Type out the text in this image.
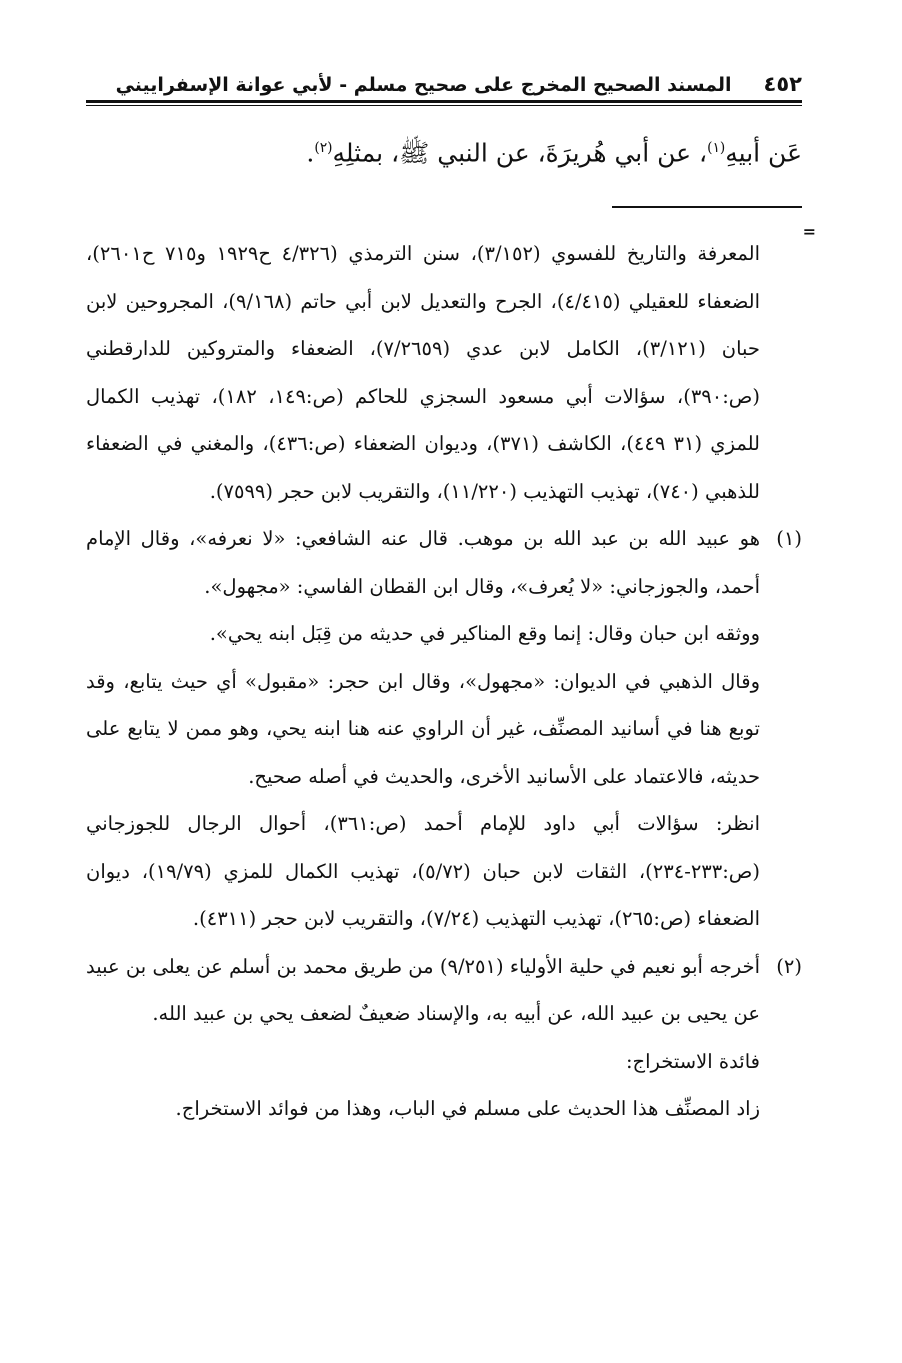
٤٥٢
المسند الصحيح المخرج على صحيح مسلم - لأبي عوانة الإسفراييني
عَن أبيهِ$^{(١)}$، عن أبي هُريرَةَ، عن النبي ﷺ، بمثلِهِ$^{(٢)}$.
=

المعرفة والتاريخ للفسوي (٣/١٥٢)، سنن الترمذي (٤/٣٢٦ ح١٩٢٩ و٧١٥ ح٢٦٠١)، الضعفاء للعقيلي (٤/٤١٥)، الجرح والتعديل لابن أبي حاتم (٩/١٦٨)، المجروحين لابن حبان (٣/١٢١)، الكامل لابن عدي (٧/٢٦٥٩)، الضعفاء والمتروكين للدارقطني (ص:٣٩٠)، سؤالات أبي مسعود السجزي للحاكم (ص:١٤٩، ١٨٢)، تهذيب الكمال للمزي (٣١ ٤٤٩)، الكاشف (٣٧١)، وديوان الضعفاء (ص:٤٣٦)، والمغني في الضعفاء للذهبي (٧٤٠)، تهذيب التهذيب (١١/٢٢٠)، والتقريب لابن حجر (٧٥٩٩).

(١)

هو عبيد الله بن عبد الله بن موهب. قال عنه الشافعي: «لا نعرفه»، وقال الإمام أحمد، والجوزجاني: «لا يُعرف»، وقال ابن القطان الفاسي: «مجهول».

ووثقه ابن حبان وقال: إنما وقع المناكير في حديثه من قِبَل ابنه يحي».

وقال الذهبي في الديوان: «مجهول»، وقال ابن حجر: «مقبول» أي حيث يتابع، وقد توبع هنا في أسانيد المصنِّف، غير أن الراوي عنه هنا ابنه يحي، وهو ممن لا يتابع على حديثه، فالاعتماد على الأسانيد الأخرى، والحديث في أصله صحيح.

انظر: سؤالات أبي داود للإمام أحمد (ص:٣٦١)، أحوال الرجال للجوزجاني (ص:٢٣٣-٢٣٤)، الثقات لابن حبان (٥/٧٢)، تهذيب الكمال للمزي (١٩/٧٩)، ديوان الضعفاء (ص:٢٦٥)، تهذيب التهذيب (٧/٢٤)، والتقريب لابن حجر (٤٣١١).

(٢)

أخرجه أبو نعيم في حلية الأولياء (٩/٢٥١) من طريق محمد بن أسلم عن يعلى بن عبيد عن يحيى بن عبيد الله، عن أبيه به، والإسناد ضعيفٌ لضعف يحي بن عبيد الله.

فائدة الاستخراج:

زاد المصنِّف هذا الحديث على مسلم في الباب، وهذا من فوائد الاستخراج.
